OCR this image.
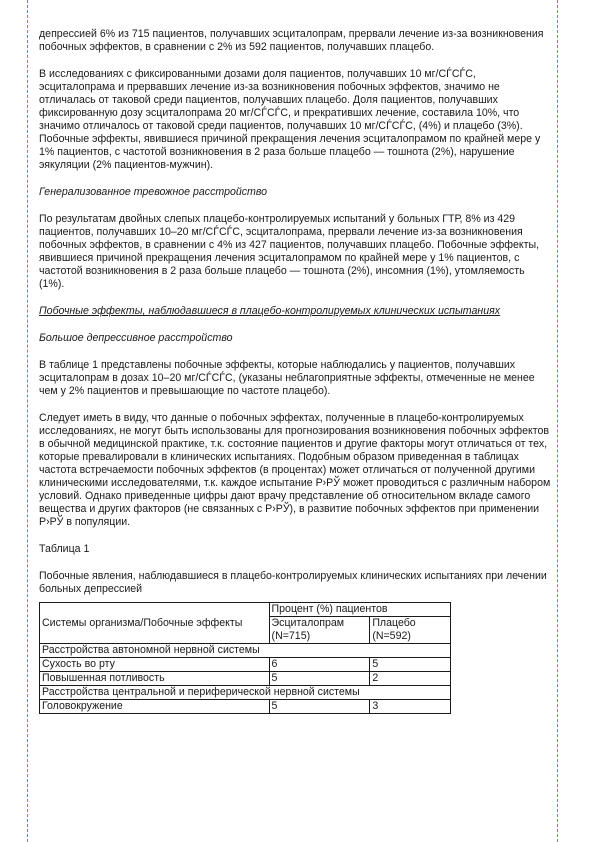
депрессией 6% из 715 пациентов, получавших эсциталопрам, прервали лечение из-за возникновения побочных эффектов, в сравнении с 2% из 592 пациентов, получавших плацебо.

В исследованиях с фиксированными дозами доля пациентов, получавших 10 мг/СЃСЃС, эсциталопрама и прервавших лечение из-за возникновения побочных эффектов, значимо не отличалась от таковой среди пациентов, получавших плацебо. Доля пациентов, получавших фиксированную дозу эсциталопрама 20 мг/СЃСЃС, и прекративших лечение, составила 10%, что значимо отличалось от таковой среди пациентов, получавших 10 мг/СЃСЃС, (4%) и плацебо (3%). Побочные эффекты, явившиеся причиной прекращения лечения эсциталопрамом по крайней мере у 1% пациентов, с частотой возникновения в 2 раза больше плацебо — тошнота (2%), нарушение эякуляции (2% пациентов-мужчин).

Генерализованное тревожное расстройство

По результатам двойных слепых плацебо-контролируемых испытаний у больных ГТР, 8% из 429 пациентов, получавших 10–20 мг/СЃСЃС, эсциталопрама, прервали лечение из-за возникновения побочных эффектов, в сравнении с 4% из 427 пациентов, получавших плацебо. Побочные эффекты, явившиеся причиной прекращения лечения эсциталопрамом по крайней мере у 1% пациентов, с частотой возникновения в 2 раза больше плацебо — тошнота (2%), инсомния (1%), утомляемость (1%).

Побочные эффекты, наблюдавшиеся в плацебо-контролируемых клинических испытаниях
Большое депрессивное расстройство

В таблице 1 представлены побочные эффекты, которые наблюдались у пациентов, получавших эсциталопрам в дозах 10–20 мг/СЃСЃС, (указаны неблагоприятные эффекты, отмеченные не менее чем у 2% пациентов и превышающие по частоте плацебо).

Следует иметь в виду, что данные о побочных эффектах, полученные в плацебо-контролируемых исследованиях, не могут быть использованы для прогнозирования возникновения побочных эффектов в обычной медицинской практике, т.к. состояние пациентов и другие факторы могут отличаться от тех, которые превалировали в клинических испытаниях. Подобным образом приведенная в таблицах частота встречаемости побочных эффектов (в процентах) может отличаться от полученной другими клиническими исследователями, т.к. каждое испытание Р›РЎ может проводиться с различным набором условий. Однако приведенные цифры дают врачу представление об относительном вкладе самого вещества и других факторов (не связанных с Р›РЎ), в развитие побочных эффектов при применении Р›РЎ в популяции.

Таблица 1

Побочные явления, наблюдавшиеся в плацебо-контролируемых клинических испытаниях при лечении больных депрессией

Системы организма/Побочные эффекты	Процент (%) пациентов	
	Эсциталопрам (N=715)	Плацебо (N=592)
Расстройства автономной нервной системы		
Сухость во рту	6	5
Повышенная потливость	5	2
Расстройства центральной и периферической нервной системы		
Головокружение	5	3
